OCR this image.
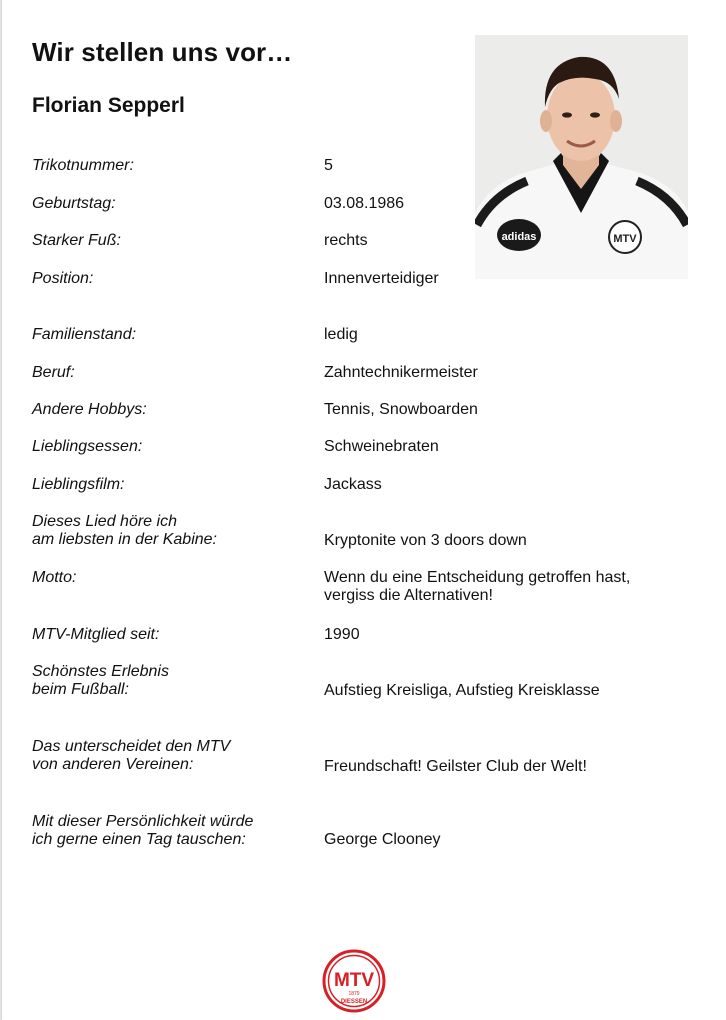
Wir stellen uns vor…
Florian Sepperl
adidas	MTV
Trikotnummer:	5
Geburtstag:	03.08.1986
Starker Fuß:	rechts
Position:	Innenverteidiger
Familienstand:	ledig
Beruf:	Zahntechnikermeister
Andere Hobbys:	Tennis, Snowboarden
Lieblingsessen:	Schweinebraten
Lieblingsfilm:	Jackass
Dieses Lied höre ich
am liebsten in der Kabine:	Kryptonite von 3 doors down
Motto:	Wenn du eine Entscheidung getroffen hast,
vergiss die Alternativen!
MTV-Mitglied seit:	1990
Schönstes Erlebnis
beim Fußball:	Aufstieg Kreisliga, Aufstieg Kreisklasse
Das unterscheidet den MTV
von anderen Vereinen:	Freundschaft! Geilster Club der Welt!
Mit dieser Persönlichkeit würde
ich gerne einen Tag tauschen:	George Clooney
MTV
1879
DIESSEN
